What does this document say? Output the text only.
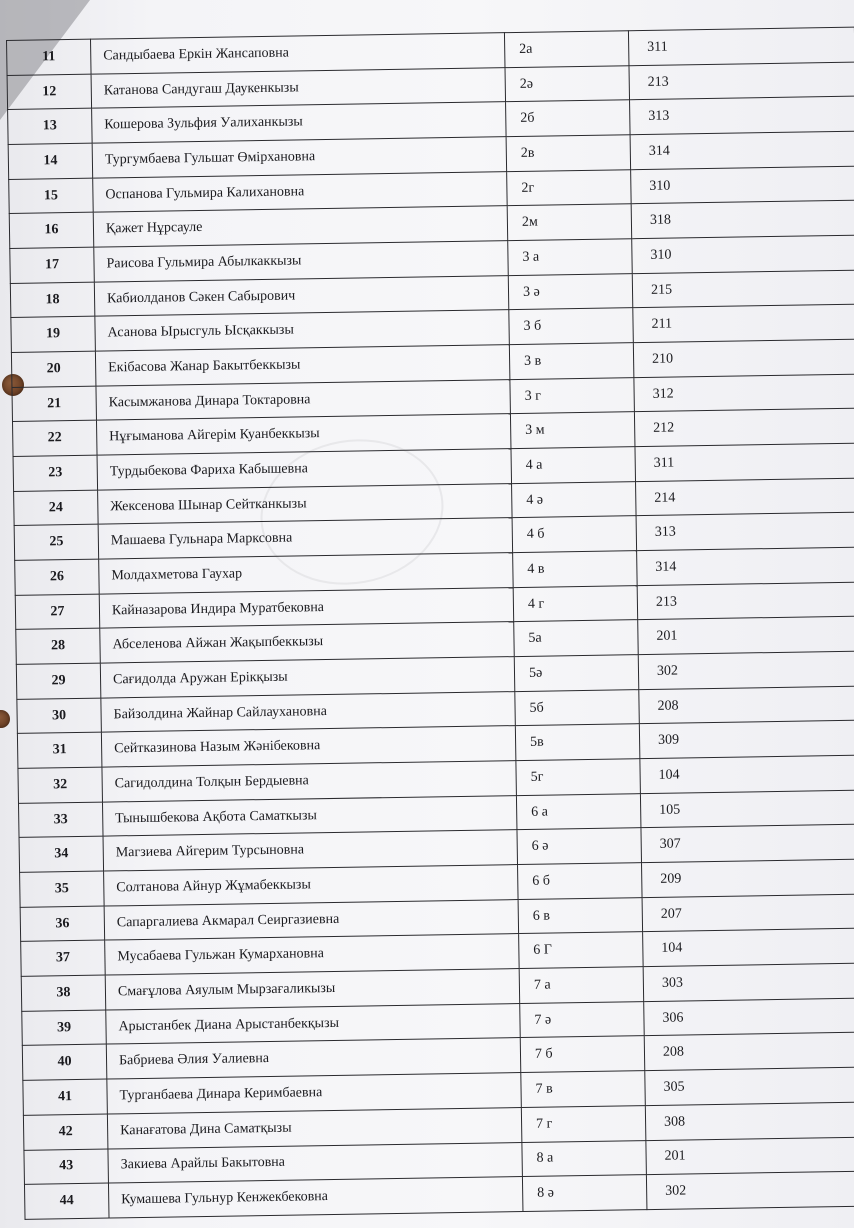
11	Сандыбаева Еркін Жансаповна	2а	311
12	Катанова Сандугаш Даукенкызы	2ә	213
13	Кошерова Зульфия Уалиханкызы	2б	313
14	Тургумбаева Гульшат Өмірхановна	2в	314
15	Оспанова Гульмира Калихановна	2г	310
16	Қажет Нұрсауле	2м	318
17	Раисова Гульмира Абылкаккызы	3 а	310
18	Кабиолданов Сәкен Сабырович	3 ә	215
19	Асанова Ырысгуль Ысқаккызы	3 б	211
20	Екібасова Жанар Бакытбеккызы	3 в	210
21	Касымжанова Динара Токтаровна	3 г	312
22	Нұғыманова Айгерім Куанбеккызы	3 м	212
23	Турдыбекова Фариха Кабышевна	4 а	311
24	Жексенова Шынар Сейтканкызы	4 ә	214
25	Машаева Гульнара Марксовна	4 б	313
26	Молдахметова Гаухар	4 в	314
27	Кайназарова Индира Муратбековна	4 г	213
28	Абселенова Айжан Жақыпбеккызы	5а	201
29	Сағидолда Аружан Ерікқызы	5ә	302
30	Байзолдина Жайнар Сайлаухановна	5б	208
31	Сейтказинова Назым Жәнібековна	5в	309
32	Сагидолдина Толқын Бердыевна	5г	104
33	Тынышбекова Ақбота Саматкызы	6 а	105
34	Магзиева Айгерим Турсыновна	6 ә	307
35	Солтанова Айнур Жұмабеккызы	6 б	209
36	Сапаргалиева Акмарал Сеиргазиевна	6 в	207
37	Мусабаева Гульжан Кумархановна	6 Г	104
38	Смағұлова Аяулым Мырзағаликызы	7 а	303
39	Арыстанбек Диана Арыстанбекқызы	7 ә	306
40	Бабриева Әлия Уалиевна	7 б	208
41	Турганбаева Динара Керимбаевна	7 в	305
42	Канағатова Дина Саматқызы	7 г	308
43	Закиева Арайлы Бакытовна	8 а	201
44	Кумашева Гульнур Кенжекбековна	8 ә	302
